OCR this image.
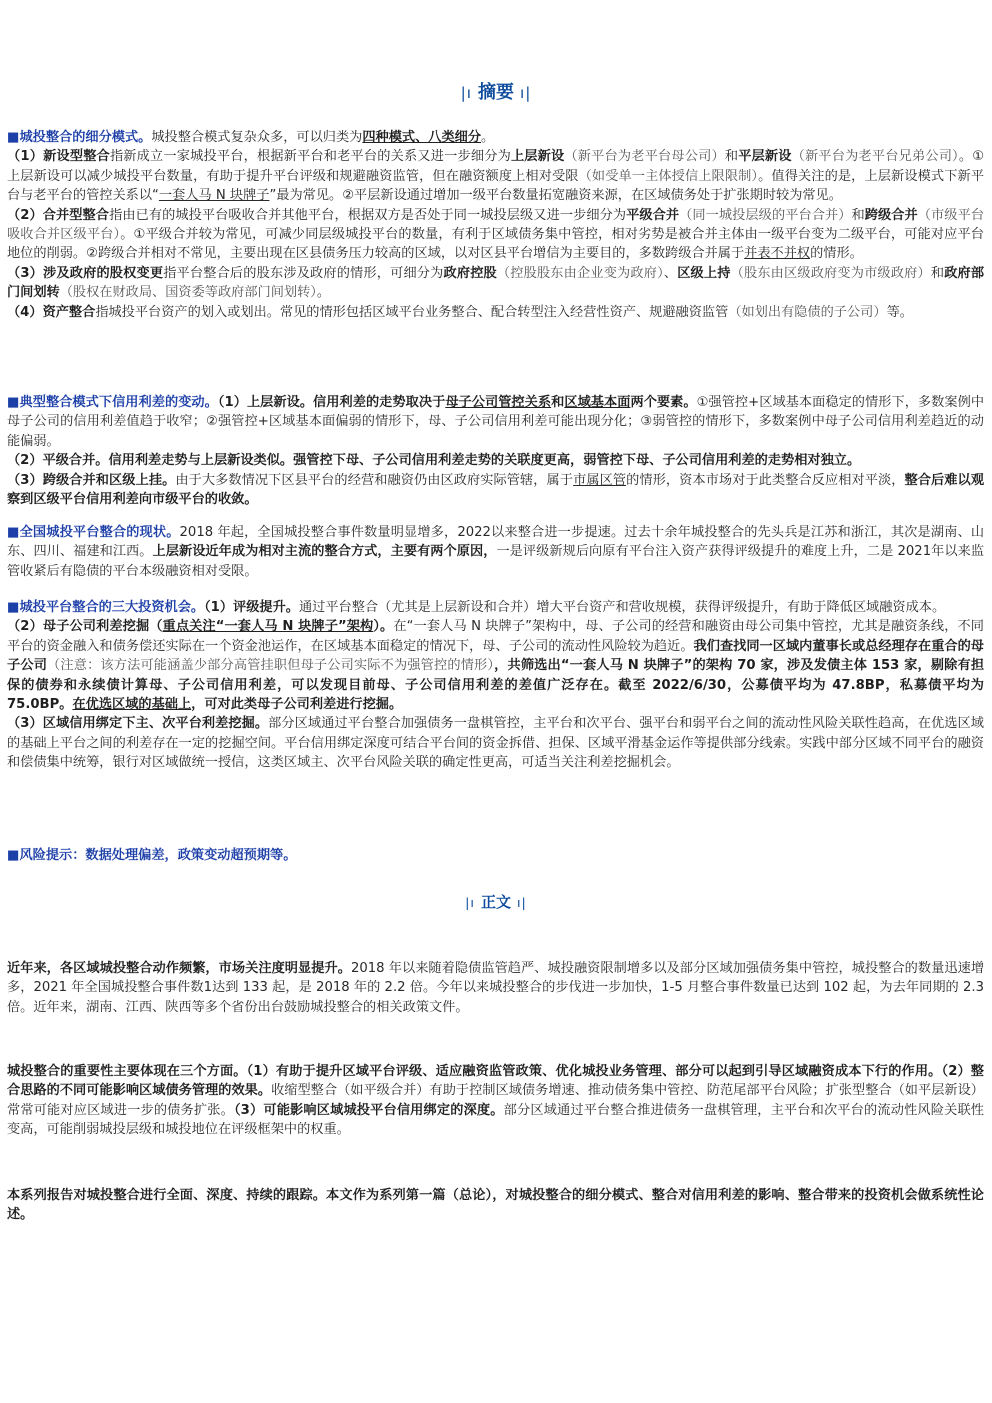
|ı 摘要 ı|

■城投整合的细分模式。城投整合模式复杂众多，可以归类为四种模式、八类细分。

（1）新设型整合指新成立一家城投平台，根据新平台和老平台的关系又进一步细分为上层新设（新平台为老平台母公司）和平层新设（新平台为老平台兄弟公司）。①上层新设可以减少城投平台数量，有助于提升平台评级和规避融资监管，但在融资额度上相对受限（如受单一主体授信上限限制）。值得关注的是，上层新设模式下新平台与老平台的管控关系以“一套人马 N 块牌子”最为常见。②平层新设通过增加一级平台数量拓宽融资来源，在区域债务处于扩张期时较为常见。

（2）合并型整合指由已有的城投平台吸收合并其他平台，根据双方是否处于同一城投层级又进一步细分为平级合并（同一城投层级的平台合并）和跨级合并（市级平台吸收合并区级平台）。①平级合并较为常见，可减少同层级城投平台的数量，有利于区域债务集中管控，相对劣势是被合并主体由一级平台变为二级平台，可能对应平台地位的削弱。②跨级合并相对不常见，主要出现在区县债务压力较高的区域，以对区县平台增信为主要目的，多数跨级合并属于并表不并权的情形。

（3）涉及政府的股权变更指平台整合后的股东涉及政府的情形，可细分为政府控股（控股股东由企业变为政府）、区级上持（股东由区级政府变为市级政府）和政府部门间划转（股权在财政局、国资委等政府部门间划转）。

（4）资产整合指城投平台资产的划入或划出。常见的情形包括区域平台业务整合、配合转型注入经营性资产、规避融资监管（如划出有隐债的子公司）等。

■典型整合模式下信用利差的变动。（1）上层新设。信用利差的走势取决于母子公司管控关系和区域基本面两个要素。①强管控+区域基本面稳定的情形下，多数案例中母子公司的信用利差值趋于收窄；②强管控+区域基本面偏弱的情形下，母、子公司信用利差可能出现分化；③弱管控的情形下，多数案例中母子公司信用利差趋近的动能偏弱。

（2）平级合并。信用利差走势与上层新设类似。强管控下母、子公司信用利差走势的关联度更高，弱管控下母、子公司信用利差的走势相对独立。

（3）跨级合并和区级上挂。由于大多数情况下区县平台的经营和融资仍由区政府实际管辖，属于市属区管的情形，资本市场对于此类整合反应相对平淡，整合后难以观察到区级平台信用利差向市级平台的收敛。

■全国城投平台整合的现状。2018 年起，全国城投整合事件数量明显增多，2022以来整合进一步提速。过去十余年城投整合的先头兵是江苏和浙江，其次是湖南、山东、四川、福建和江西。上层新设近年成为相对主流的整合方式，主要有两个原因，一是评级新规后向原有平台注入资产获得评级提升的难度上升，二是 2021年以来监管收紧后有隐债的平台本级融资相对受限。

■城投平台整合的三大投资机会。（1）评级提升。通过平台整合（尤其是上层新设和合并）增大平台资产和营收规模，获得评级提升，有助于降低区域融资成本。

（2）母子公司利差挖掘（重点关注“一套人马 N 块牌子”架构）。在“一套人马 N 块牌子”架构中，母、子公司的经营和融资由母公司集中管控，尤其是融资条线，不同平台的资金融入和债务偿还实际在一个资金池运作，在区域基本面稳定的情况下，母、子公司的流动性风险较为趋近。我们查找同一区域内董事长或总经理存在重合的母子公司（注意：该方法可能涵盖少部分高管挂职但母子公司实际不为强管控的情形），共筛选出“一套人马 N 块牌子”的架构 70 家，涉及发债主体 153 家，剔除有担保的债券和永续债计算母、子公司信用利差，可以发现目前母、子公司信用利差的差值广泛存在。截至 2022/6/30，公募债平均为 47.8BP，私募债平均为 75.0BP。在优选区域的基础上，可对此类母子公司利差进行挖掘。

（3）区域信用绑定下主、次平台利差挖掘。部分区域通过平台整合加强债务一盘棋管控，主平台和次平台、强平台和弱平台之间的流动性风险关联性趋高，在优选区域的基础上平台之间的利差存在一定的挖掘空间。平台信用绑定深度可结合平台间的资金拆借、担保、区域平滑基金运作等提供部分线索。实践中部分区域不同平台的融资和偿债集中统筹，银行对区域做统一授信，这类区域主、次平台风险关联的确定性更高，可适当关注利差挖掘机会。

■风险提示：数据处理偏差，政策变动超预期等。

|ı 正文 ı|

近年来，各区域城投整合动作频繁，市场关注度明显提升。2018 年以来随着隐债监管趋严、城投融资限制增多以及部分区域加强债务集中管控，城投整合的数量迅速增多，2021 年全国城投整合事件数1达到 133 起，是 2018 年的 2.2 倍。今年以来城投整合的步伐进一步加快，1-5 月整合事件数量已达到 102 起，为去年同期的 2.3 倍。近年来，湖南、江西、陕西等多个省份出台鼓励城投整合的相关政策文件。

城投整合的重要性主要体现在三个方面。（1）有助于提升区域平台评级、适应融资监管政策、优化城投业务管理、部分可以起到引导区域融资成本下行的作用。（2）整合思路的不同可能影响区域债务管理的效果。收缩型整合（如平级合并）有助于控制区域债务增速、推动债务集中管控、防范尾部平台风险；扩张型整合（如平层新设）常常可能对应区域进一步的债务扩张。（3）可能影响区域城投平台信用绑定的深度。部分区域通过平台整合推进债务一盘棋管理，主平台和次平台的流动性风险关联性变高，可能削弱城投层级和城投地位在评级框架中的权重。

本系列报告对城投整合进行全面、深度、持续的跟踪。本文作为系列第一篇（总论），对城投整合的细分模式、整合对信用利差的影响、整合带来的投资机会做系统性论述。
